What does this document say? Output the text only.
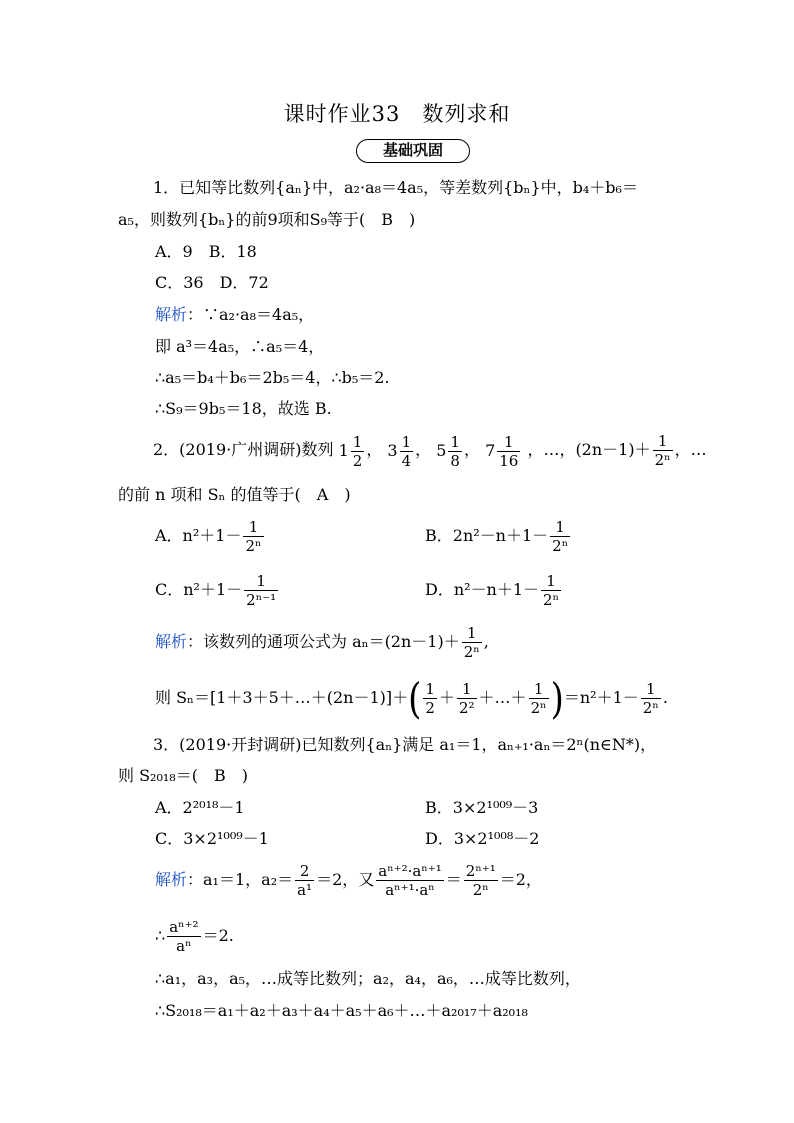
课时作业33　数列求和
基础巩固
1．已知等比数列{aₙ}中，a₂·a₈＝4a₅，等差数列{bₙ}中，b₄＋b₆＝
a₅，则数列{bₙ}的前9项和S₉等于(　B　)
A．9　B．18
C．36　D．72
解析：∵a₂·a₈＝4a₅，
即 a³＝4a₅，∴a₅＝4，
∴a₅＝b₄＋b₆＝2b₅＝4，∴b₅＝2.
∴S₉＝9b₅＝18，故选 B.
2．(2019·广州调研)数列 $1 \frac{1}{2}$ ， $3 \frac{1}{4}$ ， $5 \frac{1}{8}$ ， $7 \frac{1}{16}$ ，…，$(2n-1)+ \frac{1}{\text{2ⁿ}}$ ，…
的前 n 项和 Sₙ 的值等于(　A　)
A．$n^2+1- \frac{1}{\text{2ⁿ}}$	B．$2n^2-n+1- \frac{1}{\text{2ⁿ}}$
C．$n^2+1- \frac{1}{\text{2ⁿ⁻¹}}$	D．$n^2-n+1- \frac{1}{\text{2ⁿ}}$
解析：该数列的通项公式为 $a_n=(2n-1)+ \frac{1}{\text{2ⁿ}}$ ,
则 Sₙ＝[1＋3＋5＋…＋(2n－1)]＋( $\frac{1}{2} + \frac{1}{\text{2²}}$ ＋…＋ $\frac{1}{\text{2ⁿ}} )=n^2+1- \frac{1}{\text{2ⁿ}}$ .
3．(2019·开封调研)已知数列{aₙ}满足 a₁＝1，aₙ₊₁·aₙ＝2ⁿ(n∈N*)，
则 S₂₀₁₈＝(　B　)
A．2²⁰¹⁸－1	B．3×2¹⁰⁰⁹－3
C．3×2¹⁰⁰⁹－1	D．3×2¹⁰⁰⁸－2
解析：a₁＝1，$a_2= \frac{2}{\text{a¹}} =2$，又 $\frac{\text{aⁿ⁺²·aⁿ⁺¹}}{\text{aⁿ⁺¹·aⁿ}} = \frac{\text{2ⁿ⁺¹}}{\text{2ⁿ}} =2$，
∴ $\frac{\text{aⁿ⁺²}}{\text{aⁿ}} =2$.
∴a₁，a₃，a₅，…成等比数列；a₂，a₄，a₆，…成等比数列，
∴S₂₀₁₈＝a₁＋a₂＋a₃＋a₄＋a₅＋a₆＋…＋a₂₀₁₇＋a₂₀₁₈
